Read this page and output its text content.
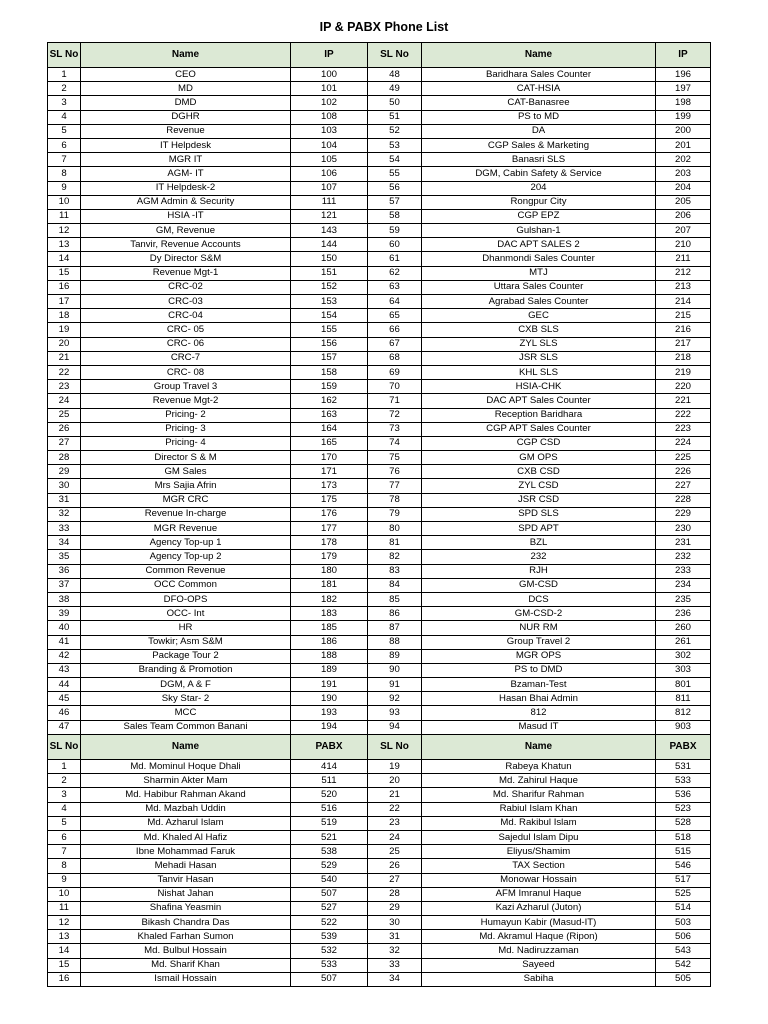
IP & PABX Phone List
SL No	Name	IP	SL No	Name	IP
1	CEO	100	48	Baridhara Sales Counter	196
2	MD	101	49	CAT-HSIA	197
3	DMD	102	50	CAT-Banasree	198
4	DGHR	108	51	PS to MD	199
5	Revenue	103	52	DA	200
6	IT Helpdesk	104	53	CGP Sales & Marketing	201
7	MGR IT	105	54	Banasri SLS	202
8	AGM- IT	106	55	DGM, Cabin Safety & Service	203
9	IT Helpdesk-2	107	56	204	204
10	AGM Admin & Security	111	57	Rongpur City	205
11	HSIA -IT	121	58	CGP EPZ	206
12	GM, Revenue	143	59	Gulshan-1	207
13	Tanvir, Revenue Accounts	144	60	DAC APT SALES 2	210
14	Dy Director S&M	150	61	Dhanmondi Sales Counter	211
15	Revenue Mgt-1	151	62	MTJ	212
16	CRC-02	152	63	Uttara Sales Counter	213
17	CRC-03	153	64	Agrabad Sales Counter	214
18	CRC-04	154	65	GEC	215
19	CRC- 05	155	66	CXB SLS	216
20	CRC- 06	156	67	ZYL SLS	217
21	CRC-7	157	68	JSR SLS	218
22	CRC- 08	158	69	KHL SLS	219
23	Group Travel 3	159	70	HSIA-CHK	220
24	Revenue Mgt-2	162	71	DAC APT Sales Counter	221
25	Pricing- 2	163	72	Reception Baridhara	222
26	Pricing- 3	164	73	CGP APT Sales Counter	223
27	Pricing- 4	165	74	CGP CSD	224
28	Director S & M	170	75	GM OPS	225
29	GM Sales	171	76	CXB CSD	226
30	Mrs Sajia Afrin	173	77	ZYL CSD	227
31	MGR CRC	175	78	JSR CSD	228
32	Revenue In-charge	176	79	SPD SLS	229
33	MGR Revenue	177	80	SPD APT	230
34	Agency Top-up 1	178	81	BZL	231
35	Agency Top-up 2	179	82	232	232
36	Common Revenue	180	83	RJH	233
37	OCC Common	181	84	GM-CSD	234
38	DFO-OPS	182	85	DCS	235
39	OCC- Int	183	86	GM-CSD-2	236
40	HR	185	87	NUR RM	260
41	Towkir; Asm S&M	186	88	Group Travel 2	261
42	Package Tour 2	188	89	MGR OPS	302
43	Branding & Promotion	189	90	PS to DMD	303
44	DGM, A & F	191	91	Bzaman-Test	801
45	Sky Star- 2	190	92	Hasan Bhai Admin	811
46	MCC	193	93	812	812
47	Sales Team Common Banani	194	94	Masud IT	903
SL No	Name	PABX	SL No	Name	PABX
1	Md. Mominul Hoque Dhali	414	19	Rabeya Khatun	531
2	Sharmin Akter Mam	511	20	Md. Zahirul Haque	533
3	Md. Habibur Rahman Akand	520	21	Md. Sharifur Rahman	536
4	Md. Mazbah Uddin	516	22	Rabiul Islam Khan	523
5	Md. Azharul Islam	519	23	Md. Rakibul Islam	528
6	Md. Khaled Al Hafiz	521	24	Sajedul Islam Dipu	518
7	Ibne Mohammad Faruk	538	25	Eliyus/Shamim	515
8	Mehadi Hasan	529	26	TAX Section	546
9	Tanvir Hasan	540	27	Monowar Hossain	517
10	Nishat Jahan	507	28	AFM Imranul Haque	525
11	Shafina Yeasmin	527	29	Kazi Azharul (Juton)	514
12	Bikash Chandra Das	522	30	Humayun Kabir (Masud-IT)	503
13	Khaled Farhan Sumon	539	31	Md. Akramul Haque (Ripon)	506
14	Md. Bulbul Hossain	532	32	Md. Nadiruzzaman	543
15	Md. Sharif Khan	533	33	Sayeed	542
16	Ismail Hossain	507	34	Sabiha	505
